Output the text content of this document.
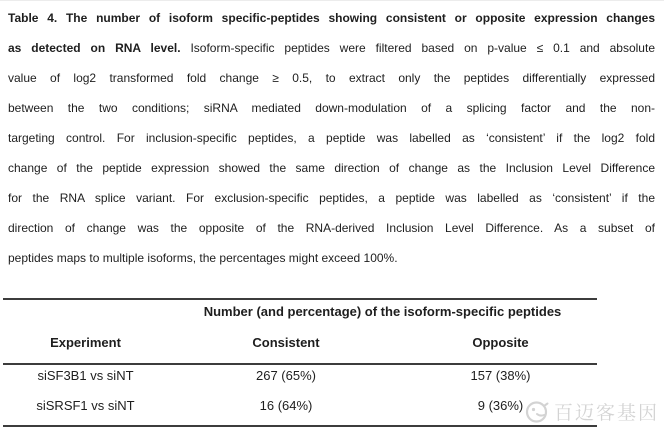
Table 4. The number of isoform specific-peptides showing consistent or opposite expression changes
as detected on RNA level. Isoform-specific peptides were filtered based on p-value ≤ 0.1 and absolute
value of log2 transformed fold change ≥ 0.5, to extract only the peptides differentially expressed
between the two conditions; siRNA mediated down-modulation of a splicing factor and the non-
targeting control. For inclusion-specific peptides, a peptide was labelled as ‘consistent’ if the log2 fold
change of the peptide expression showed the same direction of change as the Inclusion Level Difference
for the RNA splice variant. For exclusion-specific peptides, a peptide was labelled as ‘consistent’ if the
direction of change was the opposite of the RNA-derived Inclusion Level Difference. As a subset of
peptides maps to multiple isoforms, the percentages might exceed 100%.
Number (and percentage) of the isoform-specific peptides
Experiment	Consistent	Opposite
siSF3B1 vs siNT	267 (65%)	157 (38%)
siSRSF1 vs siNT	16 (64%)	9 (36%)	百迈客基因
